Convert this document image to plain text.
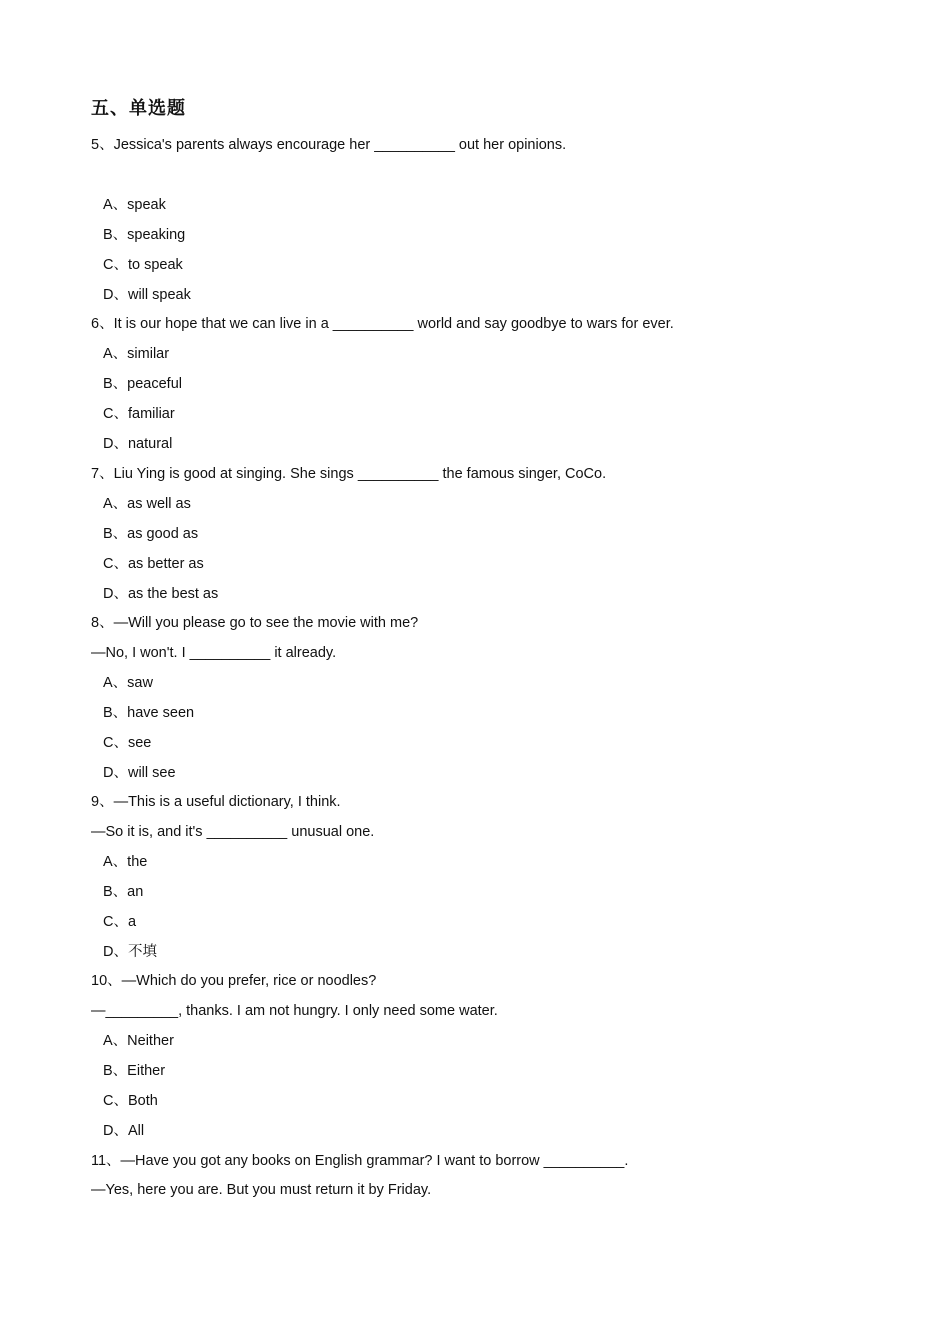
五、单选题
5、Jessica's parents always encourage her __________ out her opinions.
A、speak
B、speaking
C、to speak
D、will speak
6、It is our hope that we can live in a __________ world and say goodbye to wars for ever.
A、similar
B、peaceful
C、familiar
D、natural
7、Liu Ying is good at singing. She sings __________ the famous singer, CoCo.
A、as well as
B、as good as
C、as better as
D、as the best as
8、—Will you please go to see the movie with me?
—No, I won't. I __________ it already.
A、saw
B、have seen
C、see
D、will see
9、—This is a useful dictionary, I think.
—So it is, and it's __________ unusual one.
A、the
B、an
C、a
D、不填
10、—Which do you prefer, rice or noodles?
—_________, thanks. I am not hungry. I only need some water.
A、Neither
B、Either
C、Both
D、All
11、—Have you got any books on English grammar? I want to borrow __________.
—Yes, here you are. But you must return it by Friday.
